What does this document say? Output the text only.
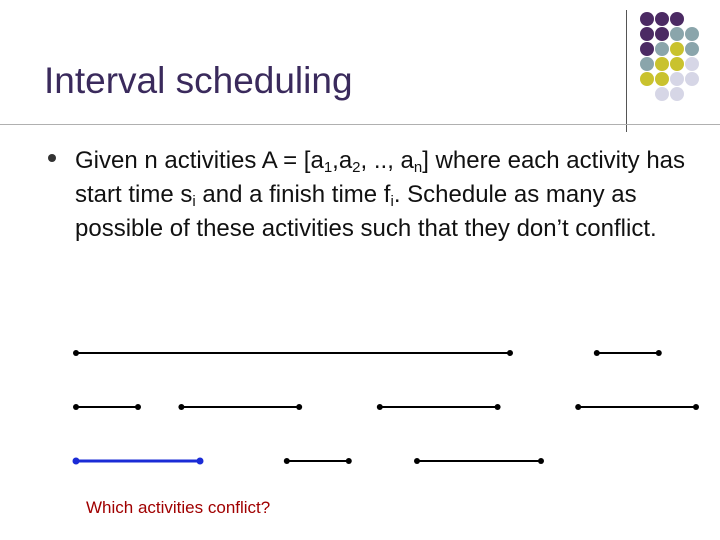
Interval scheduling
Given n activities $A = [a_1,a_2$, .., $a_n$] where each activity has start time $s_i$ and a finish time $f_i$. Schedule as many as possible of these activities such that they don’t conflict.
Which activities conflict?
